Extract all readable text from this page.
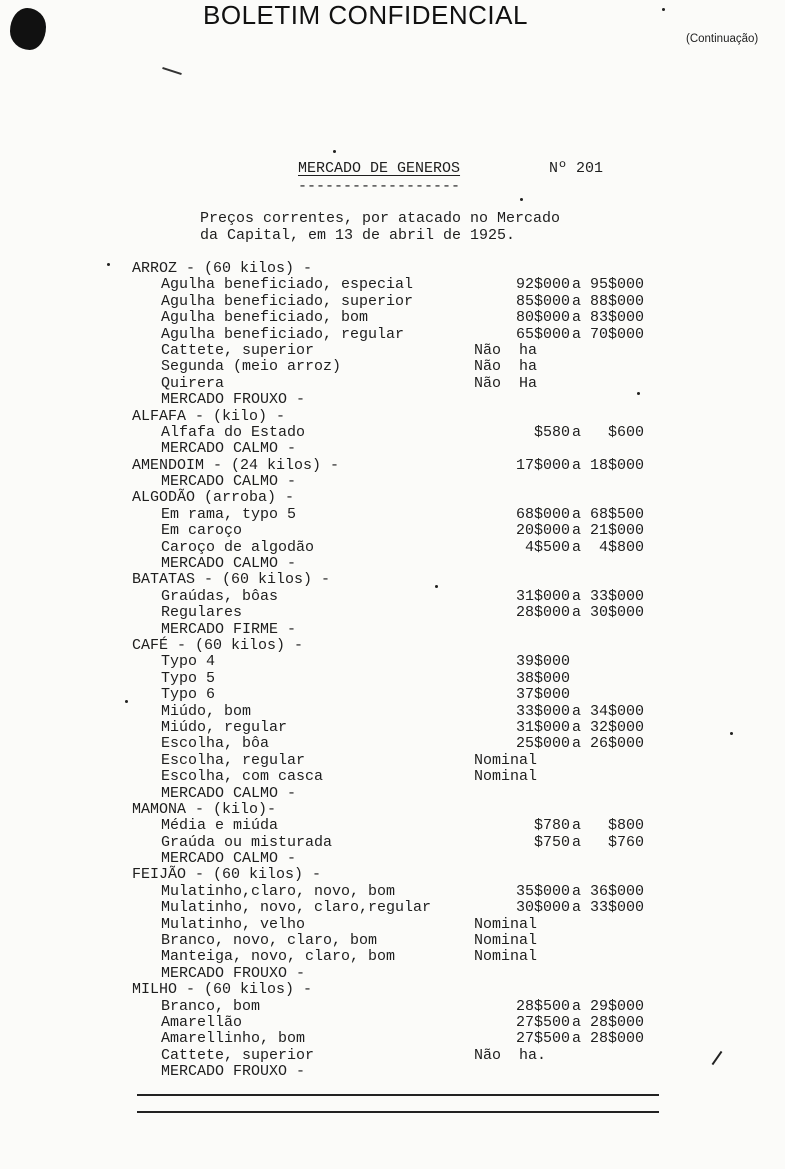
BOLETIM CONFIDENCIAL
(Continuação)
MERCADO DE GENEROS
------------------
Nº 201
Preços correntes, por atacado no Mercado
da Capital, em 13 de abril de 1925.
ARROZ - (60 kilos) -
Agulha beneficiado, especial	92$000 a 95$000
Agulha beneficiado, superior	85$000 a 88$000
Agulha beneficiado, bom	80$000 a 83$000
Agulha beneficiado, regular	65$000 a 70$000
Cattete, superior	Não  ha
Segunda (meio arroz)	Não  ha
Quirera	Não  Ha
MERCADO FROUXO -
ALFAFA - (kilo) -
Alfafa do Estado	$580 a   $600
MERCADO CALMO -
AMENDOIM - (24 kilos) -	17$000 a 18$000
MERCADO CALMO -
ALGODÃO (arroba) -
Em rama, typo 5	68$000 a 68$500
Em caroço	20$000 a 21$000
Caroço de algodão	4$500 a  4$800
MERCADO CALMO -
BATATAS - (60 kilos) -
Graúdas, bôas	31$000 a 33$000
Regulares	28$000 a 30$000
MERCADO FIRME -
CAFÉ - (60 kilos) -
Typo 4	39$000
Typo 5	38$000
Typo 6	37$000
Miúdo, bom	33$000 a 34$000
Miúdo, regular	31$000 a 32$000
Escolha, bôa	25$000 a 26$000
Escolha, regular	Nominal
Escolha, com casca	Nominal
MERCADO CALMO -
MAMONA - (kilo)-
Média e miúda	$780 a   $800
Graúda ou misturada	$750 a   $760
MERCADO CALMO -
FEIJÃO - (60 kilos) -
Mulatinho,claro, novo, bom	35$000 a 36$000
Mulatinho, novo, claro,regular	30$000 a 33$000
Mulatinho, velho	Nominal
Branco, novo, claro, bom	Nominal
Manteiga, novo, claro, bom	Nominal
MERCADO FROUXO -
MILHO - (60 kilos) -
Branco, bom	28$500 a 29$000
Amarellão	27$500 a 28$000
Amarellinho, bom	27$500 a 28$000
Cattete, superior	Não  ha.
MERCADO FROUXO -
